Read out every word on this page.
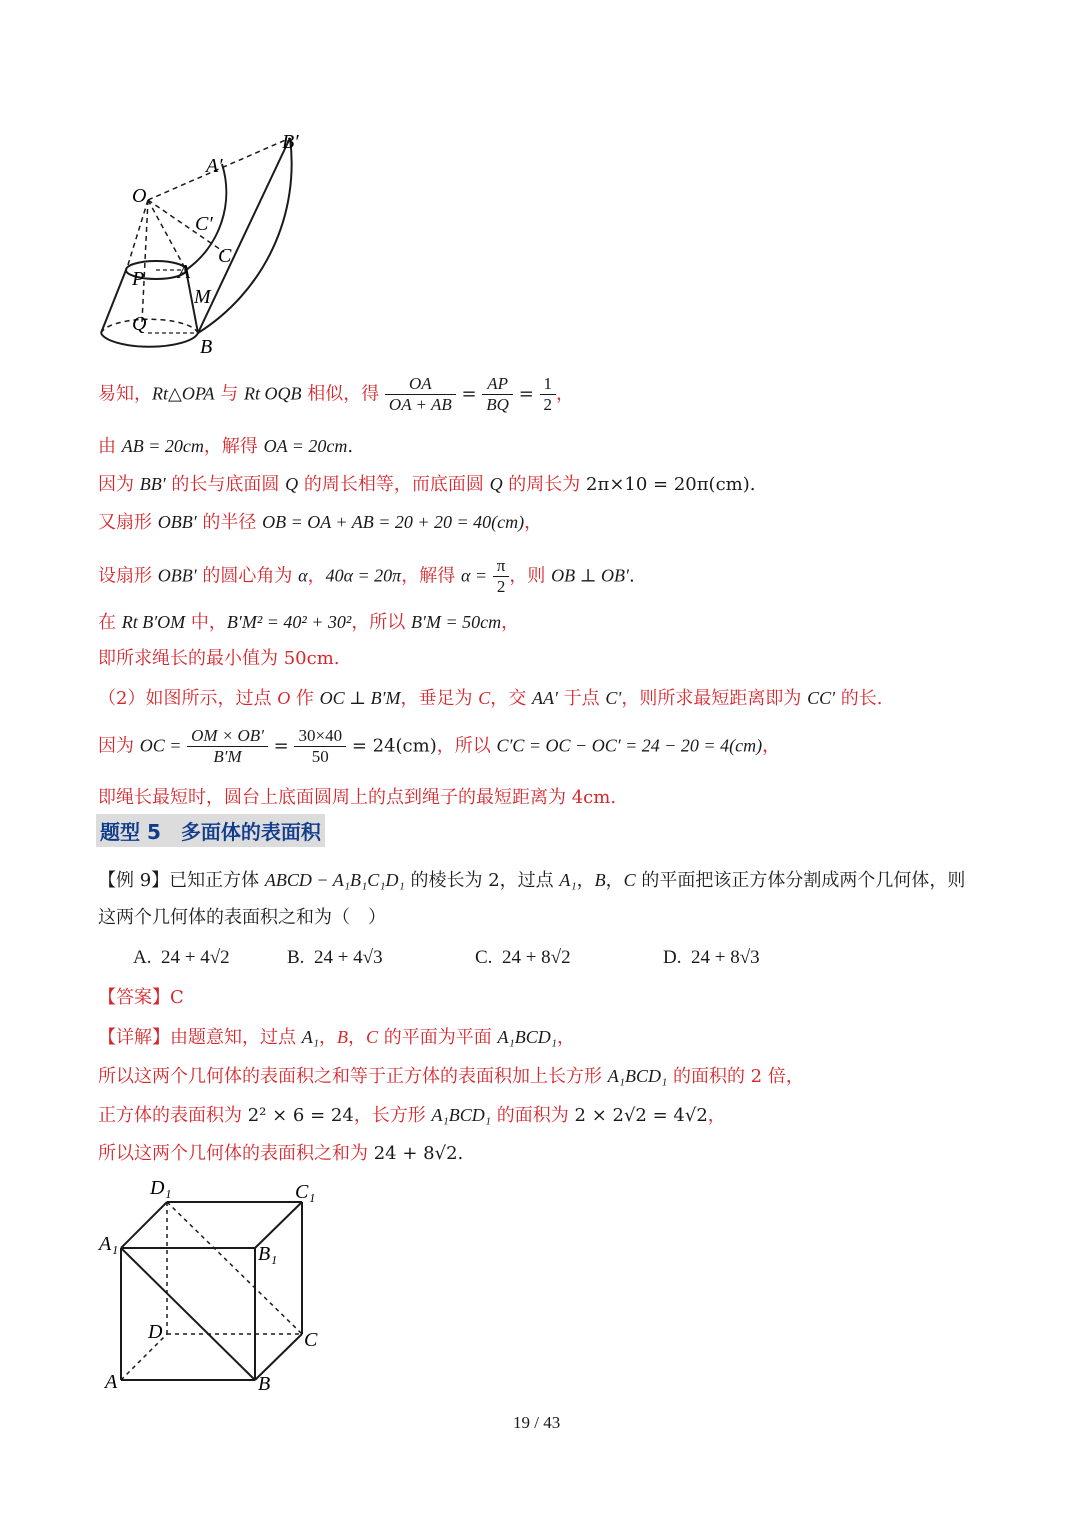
B′
A′
O
C′
C
P A
M
Q
B
易知，Rt△OPA 与 Rt OQB 相似，得 $\frac{OA}{OA + AB} = \frac{AP}{BQ} = \frac{1}{2}$ ，
由 AB = 20cm，解得 OA = 20cm.
因为 BB′ 的长与底面圆 Q 的周长相等，而底面圆 Q 的周长为 2π×10 = 20π(cm).
又扇形 OBB′ 的半径 OB = OA + AB = 20 + 20 = 40(cm)，
设扇形 OBB′ 的圆心角为 α，40α = 20π，解得 $\alpha = \frac{\pi}{2}$ ，则 OB ⊥ OB′.
在 Rt B′OM 中，B′M² = 40² + 30²，所以 B′M = 50cm，
即所求绳长的最小值为 50cm.
（2）如图所示，过点 O 作 OC ⊥ B′M，垂足为 C，交 AA′ 于点 C′，则所求最短距离即为 CC′ 的长.
因为 OC = $\frac{OM \times OB'}{B'M} = \frac{30\times 40}{50} = 24(cm)$，所以 C′C = OC − OC′ = 24 − 20 = 4(cm)，
即绳长最短时，圆台上底面圆周上的点到绳子的最短距离为 4cm.
题型 5　多面体的表面积
【例 9】已知正方体 ABCD − A₁B₁C₁D₁ 的棱长为 2，过点 A₁，B，C 的平面把该正方体分割成两个几何体，则
这两个几何体的表面积之和为（　）
A. 24 + 4√2	B. 24 + 4√3	C. 24 + 8√2	D. 24 + 8√3
【答案】C
【详解】由题意知，过点 A₁，B，C 的平面为平面 A₁BCD₁，
所以这两个几何体的表面积之和等于正方体的表面积加上长方形 A₁BCD₁ 的面积的 2 倍，
正方体的表面积为 2² × 6 = 24，长方形 A₁BCD₁ 的面积为 2 × 2√2 = 4√2，
所以这两个几何体的表面积之和为 24 + 8√2.
D₁	C₁
A₁	B₁
D	C
A	B
19 / 43
